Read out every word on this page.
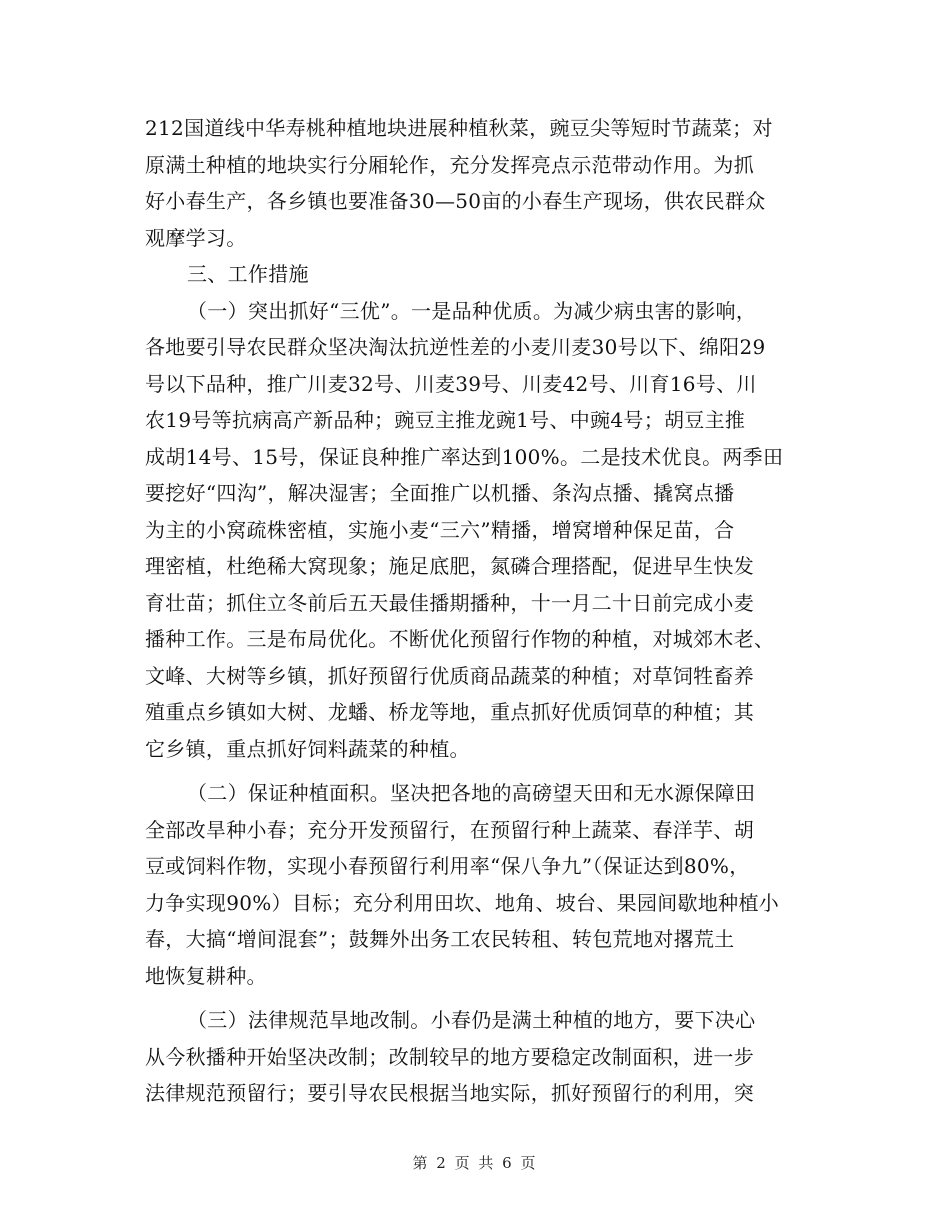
212国道线中华寿桃种植地块进展种植秋菜，豌豆尖等短时节蔬菜；对
原满土种植的地块实行分厢轮作，充分发挥亮点示范带动作用。为抓
好小春生产，各乡镇也要准备30—50亩的小春生产现场，供农民群众
观摩学习。

三、工作措施

（一）突出抓好“三优”。一是品种优质。为减少病虫害的影响，
各地要引导农民群众坚决淘汰抗逆性差的小麦川麦30号以下、绵阳29
号以下品种，推广川麦32号、川麦39号、川麦42号、川育16号、川
农19号等抗病高产新品种；豌豆主推龙豌1号、中豌4号；胡豆主推
成胡14号、15号，保证良种推广率达到100%。二是技术优良。两季田
要挖好“四沟”，解决湿害；全面推广以机播、条沟点播、撬窝点播
为主的小窝疏株密植，实施小麦“三六”精播，增窝增种保足苗，合
理密植，杜绝稀大窝现象；施足底肥，氮磷合理搭配，促进早生快发
育壮苗；抓住立冬前后五天最佳播期播种，十一月二十日前完成小麦
播种工作。三是布局优化。不断优化预留行作物的种植，对城郊木老、
文峰、大树等乡镇，抓好预留行优质商品蔬菜的种植；对草饲牲畜养
殖重点乡镇如大树、龙蟠、桥龙等地，重点抓好优质饲草的种植；其
它乡镇，重点抓好饲料蔬菜的种植。

（二）保证种植面积。坚决把各地的高磅望天田和无水源保障田
全部改旱种小春；充分开发预留行，在预留行种上蔬菜、春洋芋、胡
豆或饲料作物，实现小春预留行利用率“保八争九”（保证达到80%，
力争实现90%）目标；充分利用田坎、地角、坡台、果园间歇地种植小
春，大搞“增间混套”；鼓舞外出务工农民转租、转包荒地对撂荒土
地恢复耕种。

（三）法律规范旱地改制。小春仍是满土种植的地方，要下决心
从今秋播种开始坚决改制；改制较早的地方要稳定改制面积，进一步
法律规范预留行；要引导农民根据当地实际，抓好预留行的利用，突

第 2 页 共 6 页
